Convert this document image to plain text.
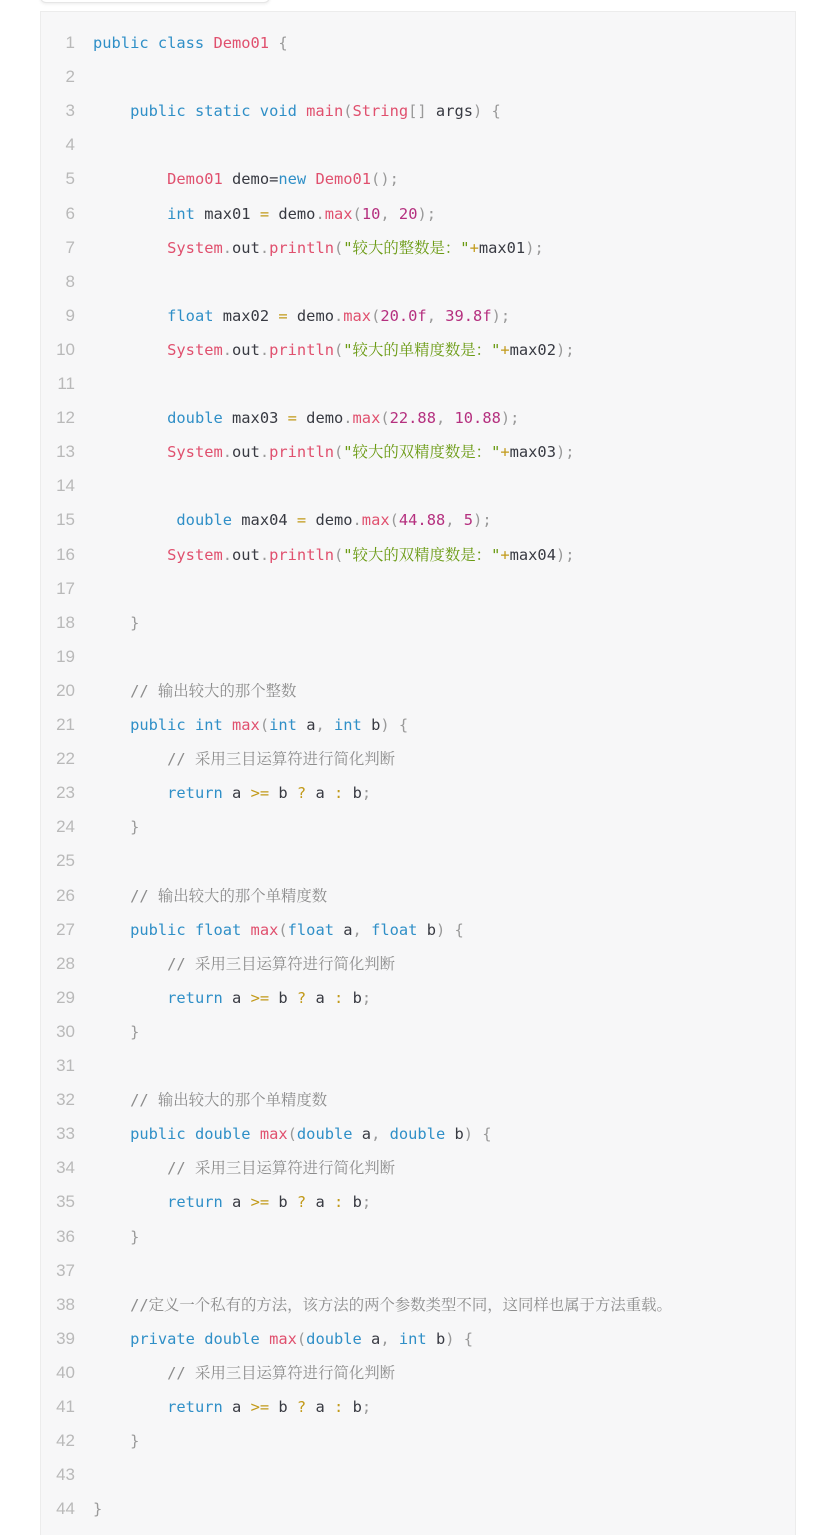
1 public class Demo01 {
2
3	public static void main(String[] args) {
4
5	Demo01 demo=new Demo01();
6	int max01 = demo.max(10, 20);
7	System.out.println("较大的整数是："+max01);
8
9	float max02 = demo.max(20.0f, 39.8f);
10	System.out.println("较大的单精度数是："+max02);
11
12	double max03 = demo.max(22.88, 10.88);
13	System.out.println("较大的双精度数是："+max03);
14
15	double max04 = demo.max(44.88, 5);
16	System.out.println("较大的双精度数是："+max04);
17
18	}
19
20	// 输出较大的那个整数
21	public int max(int a, int b) {
22	// 采用三目运算符进行简化判断
23	return a >= b ? a : b;
24	}
25
26	// 输出较大的那个单精度数
27	public float max(float a, float b) {
28	// 采用三目运算符进行简化判断
29	return a >= b ? a : b;
30	}
31
32	// 输出较大的那个单精度数
33	public double max(double a, double b) {
34	// 采用三目运算符进行简化判断
35	return a >= b ? a : b;
36	}
37
38	//定义一个私有的方法，该方法的两个参数类型不同，这同样也属于方法重载。
39	private double max(double a, int b) {
40	// 采用三目运算符进行简化判断
41	return a >= b ? a : b;
42	}
43
44 }
